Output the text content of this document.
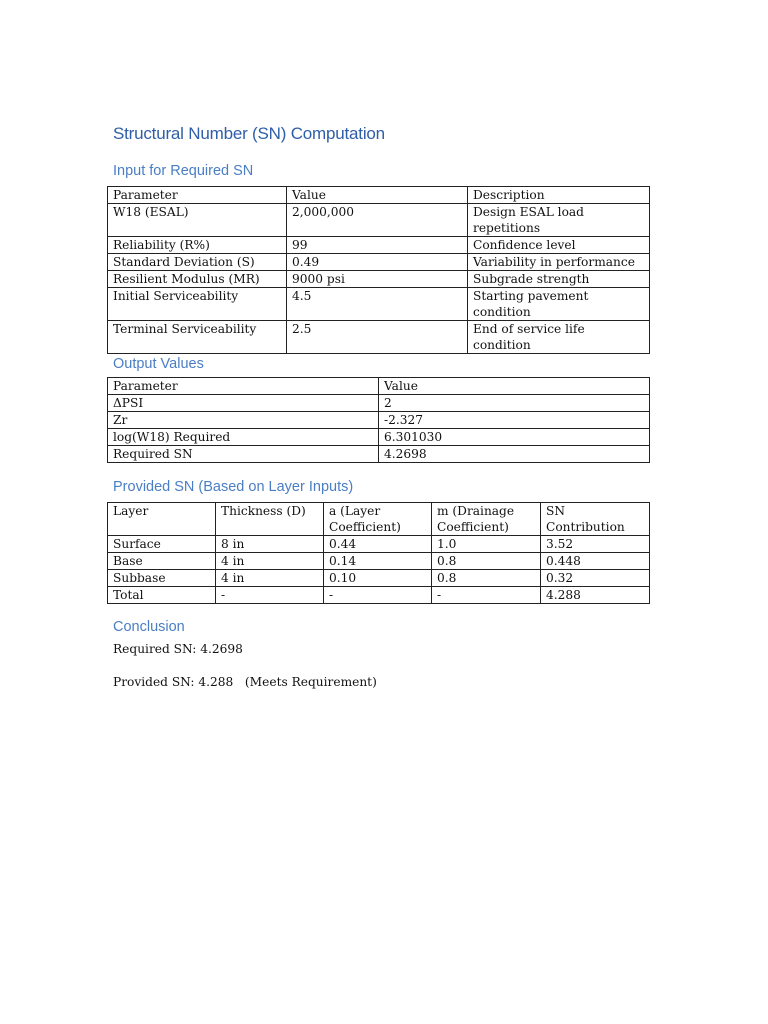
Structural Number (SN) Computation
Input for Required SN
Parameter	Value	Description
W18 (ESAL)	2,000,000	Design ESAL load repetitions
Reliability (R%)	99	Confidence level
Standard Deviation (S)	0.49	Variability in performance
Resilient Modulus (MR)	9000 psi	Subgrade strength
Initial Serviceability	4.5	Starting pavement condition
Terminal Serviceability	2.5	End of service life condition
Output Values
Parameter	Value
ΔPSI	2
Zr	-2.327
log(W18) Required	6.301030
Required SN	4.2698
Provided SN (Based on Layer Inputs)
Layer	Thickness (D)	a (Layer Coefficient)	m (Drainage Coefficient)	SN Contribution
Surface	8 in	0.44	1.0	3.52
Base	4 in	0.14	0.8	0.448
Subbase	4 in	0.10	0.8	0.32
Total	-	-	-	4.288
Conclusion

Required SN: 4.2698

Provided SN: 4.288   (Meets Requirement)
